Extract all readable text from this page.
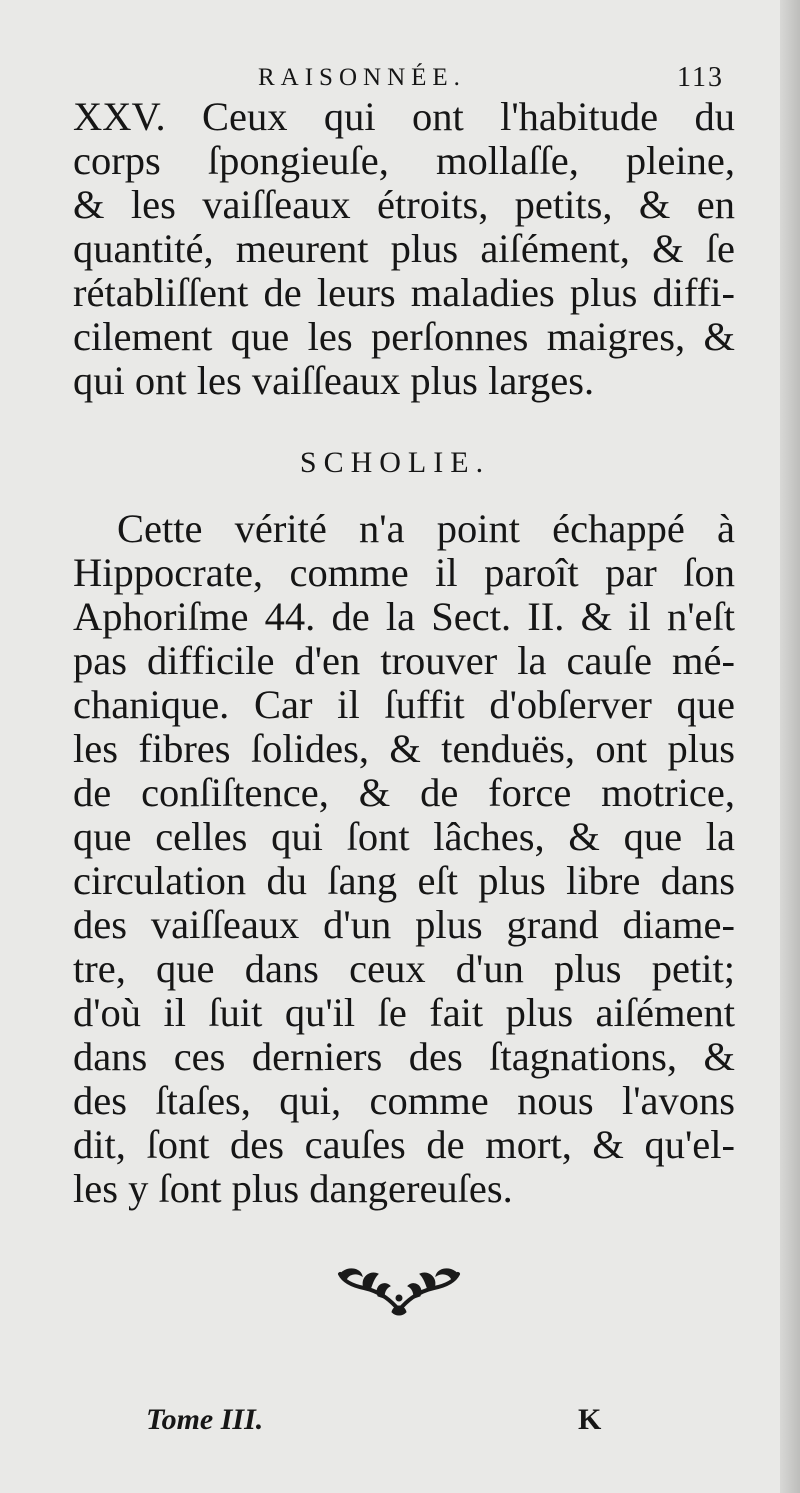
RAISONNÉE.	113
XXV. Ceux qui ont l'habitude du
corps ſpongieuſe, mollaſſe, pleine,
& les vaiſſeaux étroits, petits, & en
quantité, meurent plus aiſément, & ſe
rétabliſſent de leurs maladies plus diffi-
cilement que les perſonnes maigres, &
qui ont les vaiſſeaux plus larges.
SCHOLIE.
Cette vérité n'a point échappé à
Hippocrate, comme il paroît par ſon
Aphoriſme 44. de la Sect. II. & il n'eſt
pas difficile d'en trouver la cauſe mé-
chanique. Car il ſuffit d'obſerver que
les fibres ſolides, & tenduës, ont plus
de conſiſtence, & de force motrice,
que celles qui ſont lâches, & que la
circulation du ſang eſt plus libre dans
des vaiſſeaux d'un plus grand diame-
tre, que dans ceux d'un plus petit;
d'où il ſuit qu'il ſe fait plus aiſément
dans ces derniers des ſtagnations, &
des ſtaſes, qui, comme nous l'avons
dit, ſont des cauſes de mort, & qu'el-
les y ſont plus dangereuſes.
Tome III.	K
